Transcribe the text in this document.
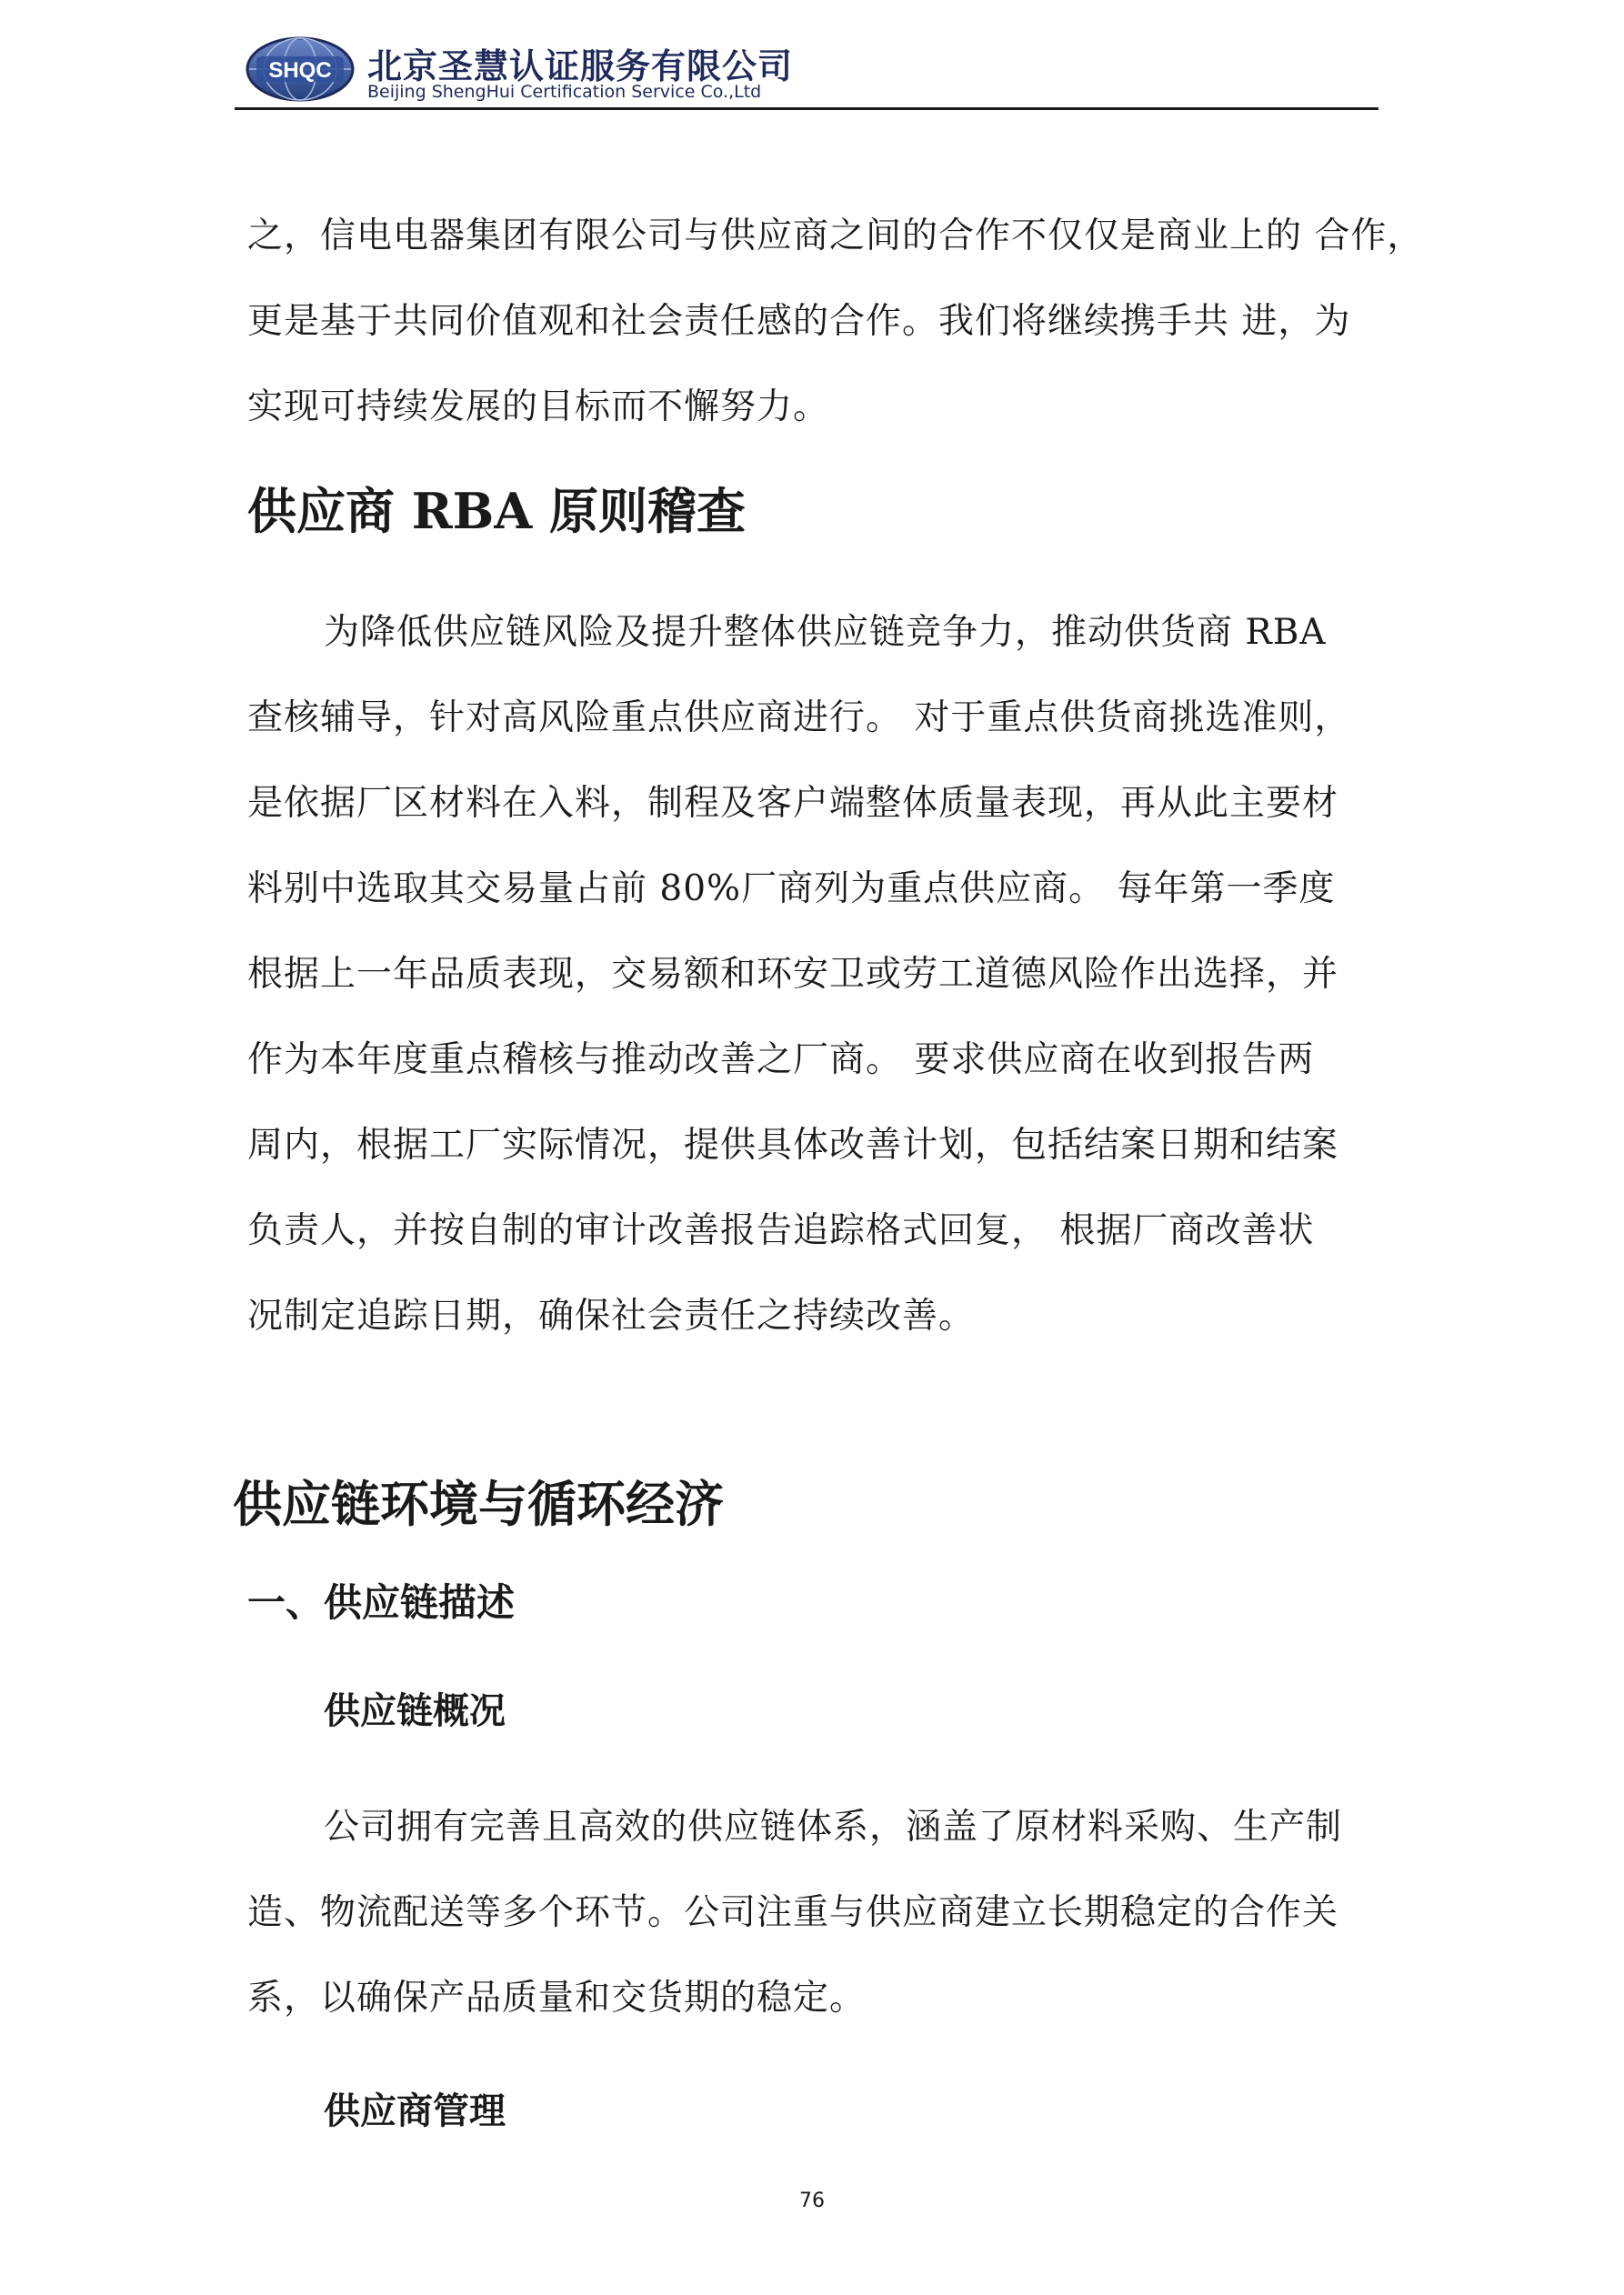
SHQC 北京圣慧认证服务有限公司
Beijing ShengHui Certification Service Co.,Ltd
之，信电电器集团有限公司与供应商之间的合作不仅仅是商业上的 合作，
更是基于共同价值观和社会责任感的合作。我们将继续携手共 进，为
实现可持续发展的目标而不懈努力。
供应商 RBA 原则稽查
为降低供应链风险及提升整体供应链竞争力，推动供货商 RBA
查核辅导，针对高风险重点供应商进行。 对于重点供货商挑选准则，
是依据厂区材料在入料，制程及客户端整体质量表现，再从此主要材
料别中选取其交易量占前 80%厂商列为重点供应商。 每年第一季度
根据上一年品质表现，交易额和环安卫或劳工道德风险作出选择，并
作为本年度重点稽核与推动改善之厂商。 要求供应商在收到报告两
周内，根据工厂实际情况，提供具体改善计划，包括结案日期和结案
负责人，并按自制的审计改善报告追踪格式回复， 根据厂商改善状
况制定追踪日期，确保社会责任之持续改善。
供应链环境与循环经济
一、供应链描述
供应链概况
公司拥有完善且高效的供应链体系，涵盖了原材料采购、生产制
造、物流配送等多个环节。公司注重与供应商建立长期稳定的合作关
系，以确保产品质量和交货期的稳定。
供应商管理
76
